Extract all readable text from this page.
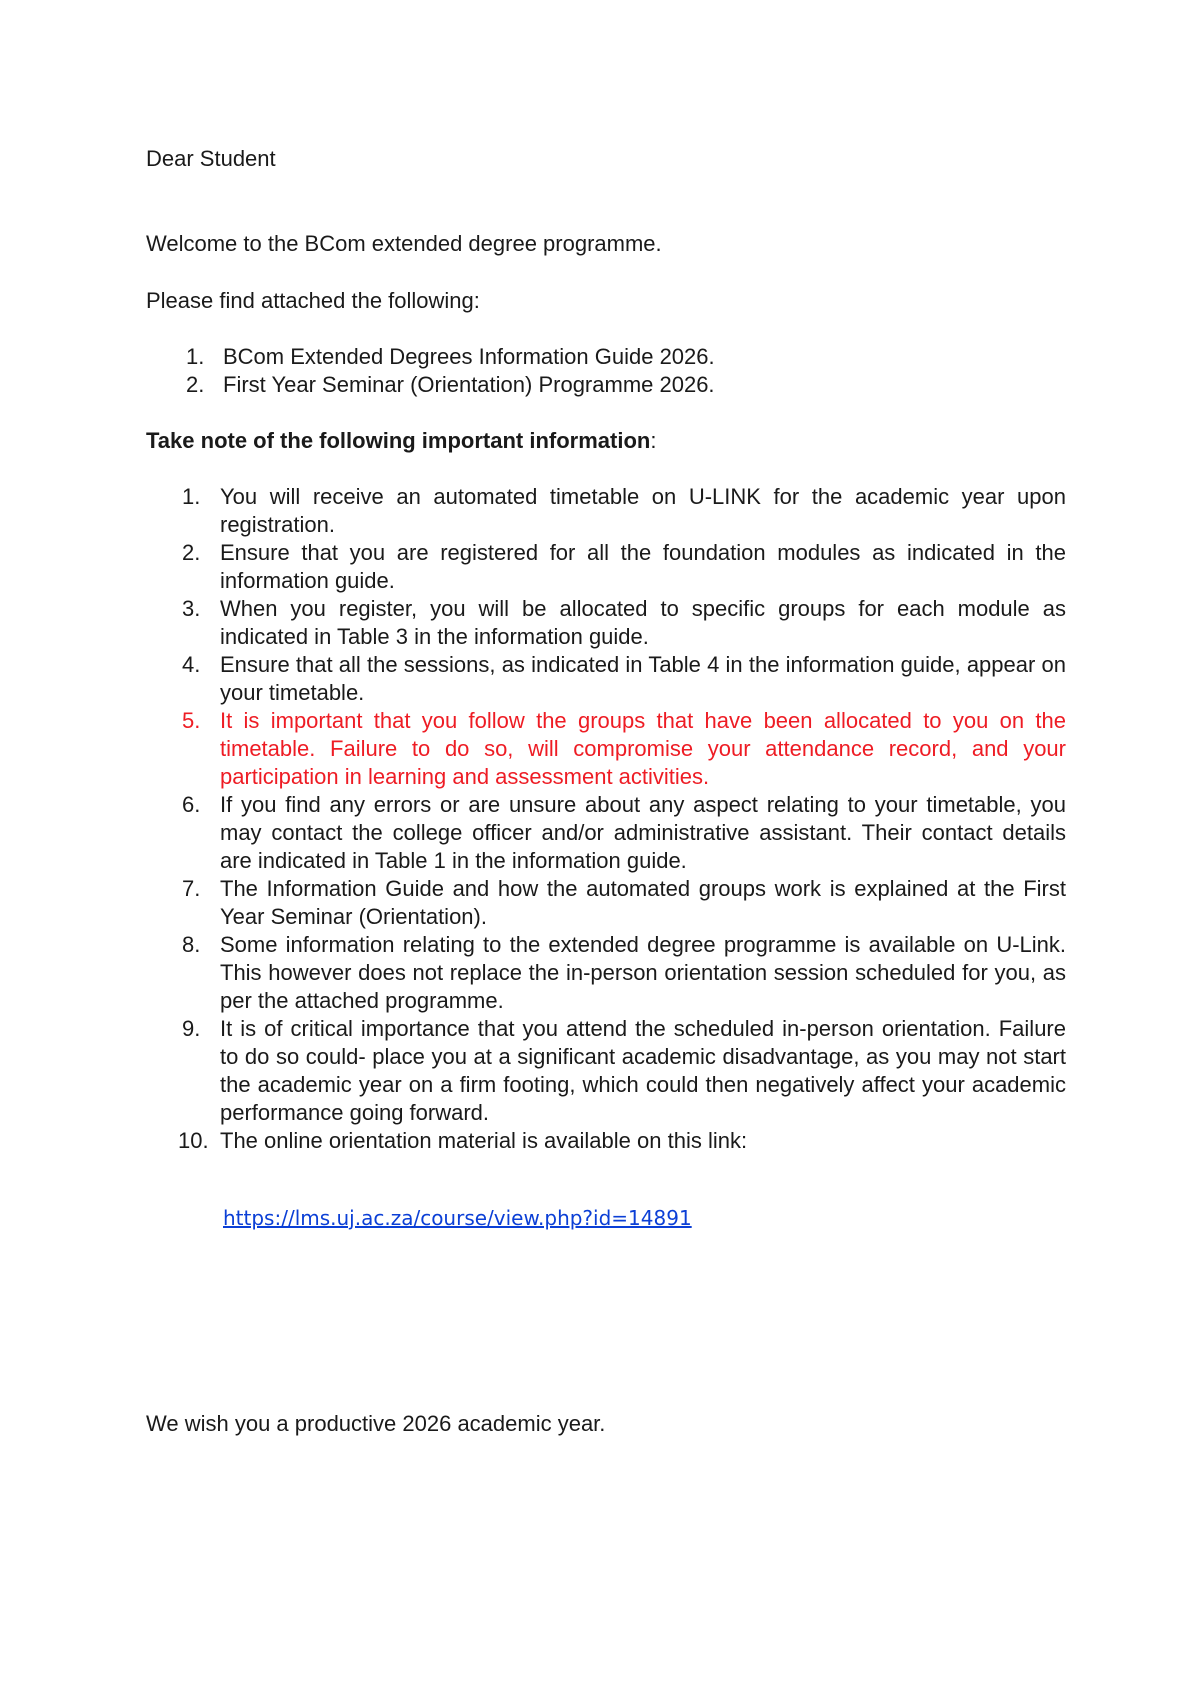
Dear Student
Welcome to the BCom extended degree programme.
Please find attached the following:
1. BCom Extended Degrees Information Guide 2026.
2. First Year Seminar (Orientation) Programme 2026.
Take note of the following important information:
1. You will receive an automated timetable on U-LINK for the academic year upon registration.
2. Ensure that you are registered for all the foundation modules as indicated in the information guide.
3. When you register, you will be allocated to specific groups for each module as indicated in Table 3 in the information guide.
4. Ensure that all the sessions, as indicated in Table 4 in the information guide, appear on your timetable.
5. It is important that you follow the groups that have been allocated to you on the timetable. Failure to do so, will compromise your attendance record, and your participation in learning and assessment activities.
6. If you find any errors or are unsure about any aspect relating to your timetable, you may contact the college officer and/or administrative assistant. Their contact details are indicated in Table 1 in the information guide.
7. The Information Guide and how the automated groups work is explained at the First Year Seminar (Orientation).
8. Some information relating to the extended degree programme is available on U-Link. This however does not replace the in-person orientation session scheduled for you, as per the attached programme.
9. It is of critical importance that you attend the scheduled in-person orientation. Failure to do so could- place you at a significant academic disadvantage, as you may not start the academic year on a firm footing, which could then negatively affect your academic performance going forward.
10. The online orientation material is available on this link:
https://lms.uj.ac.za/course/view.php?id=14891
We wish you a productive 2026 academic year.
